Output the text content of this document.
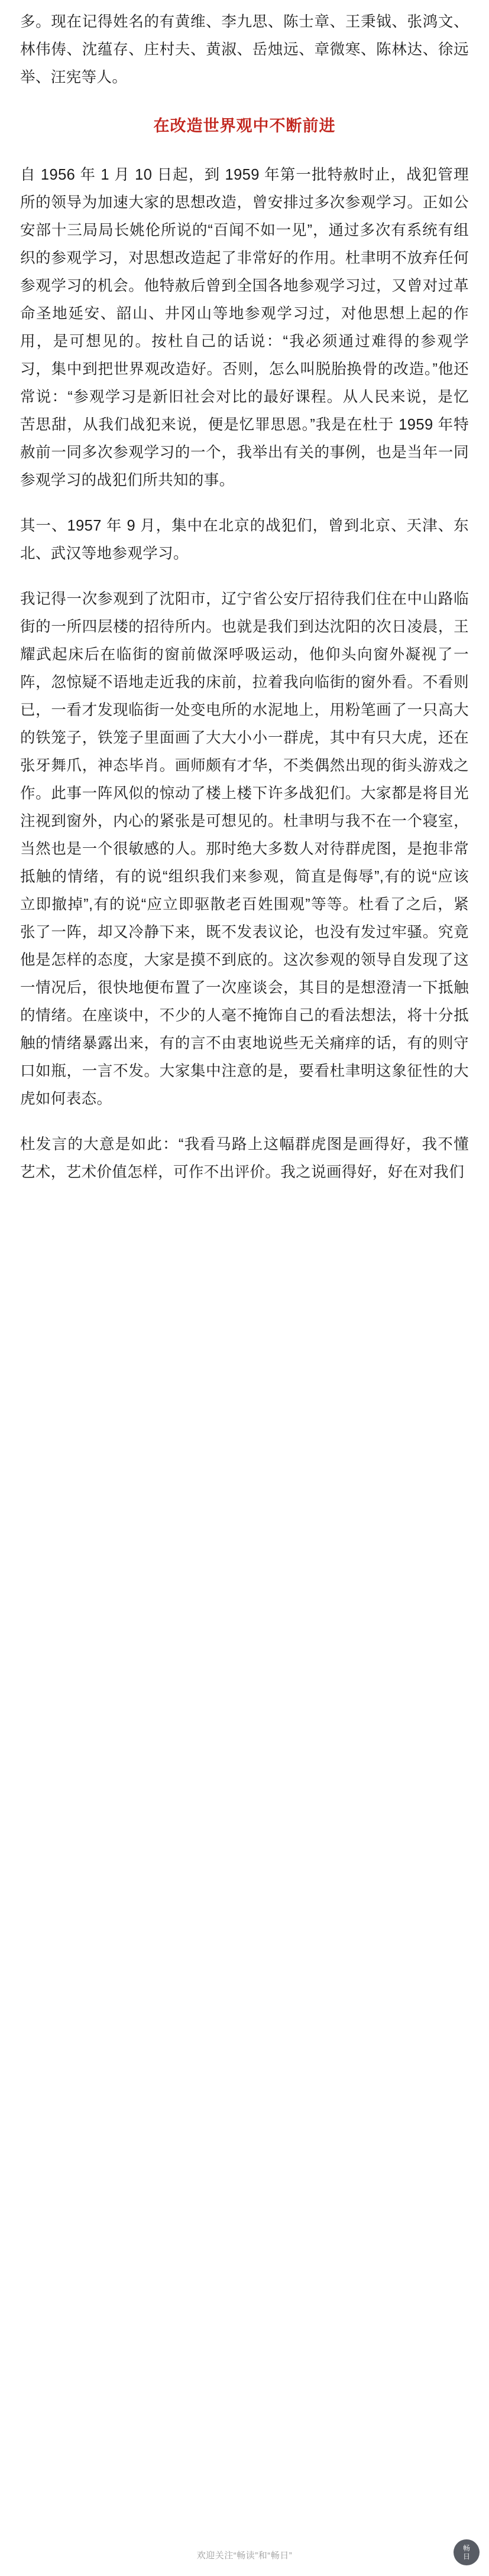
多。现在记得姓名的有黄维、李九思、陈士章、王秉钺、张鸿文、林伟俦、沈蕴存、庄村夫、黄淑、岳烛远、章微寒、陈林达、徐远举、汪宪等人。

在改造世界观中不断前进

自 1956 年 1 月 10 日起，到 1959 年第一批特赦时止，战犯管理所的领导为加速大家的思想改造，曾安排过多次参观学习。正如公安部十三局局长姚伦所说的“百闻不如一见”，通过多次有系统有组织的参观学习，对思想改造起了非常好的作用。杜聿明不放弃任何参观学习的机会。他特赦后曾到全国各地参观学习过，又曾对过革命圣地延安、韶山、井冈山等地参观学习过，对他思想上起的作用，是可想见的。按杜自己的话说：“我必须通过难得的参观学习，集中到把世界观改造好。否则，怎么叫脱胎换骨的改造。”他还常说：“参观学习是新旧社会对比的最好课程。从人民来说，是忆苦思甜，从我们战犯来说，便是忆罪思恩。”我是在杜于 1959 年特赦前一同多次参观学习的一个，我举出有关的事例，也是当年一同参观学习的战犯们所共知的事。

其一、1957 年 9 月，集中在北京的战犯们，曾到北京、天津、东北、武汉等地参观学习。

我记得一次参观到了沈阳市，辽宁省公安厅招待我们住在中山路临街的一所四层楼的招待所内。也就是我们到达沈阳的次日凌晨，王耀武起床后在临街的窗前做深呼吸运动，他仰头向窗外凝视了一阵，忽惊疑不语地走近我的床前，拉着我向临街的窗外看。不看则已，一看才发现临街一处变电所的水泥地上，用粉笔画了一只高大的铁笼子，铁笼子里面画了大大小小一群虎，其中有只大虎，还在张牙舞爪，神态毕肖。画师颇有才华，不类偶然出现的街头游戏之作。此事一阵风似的惊动了楼上楼下许多战犯们。大家都是将目光注视到窗外，内心的紧张是可想见的。杜聿明与我不在一个寝室，当然也是一个很敏感的人。那时绝大多数人对待群虎图，是抱非常抵触的情绪，有的说“组织我们来参观，简直是侮辱”,有的说“应该立即撤掉”,有的说“应立即驱散老百姓围观”等等。杜看了之后，紧张了一阵，却又冷静下来，既不发表议论，也没有发过牢骚。究竟他是怎样的态度，大家是摸不到底的。这次参观的领导自发现了这一情况后，很快地便布置了一次座谈会，其目的是想澄清一下抵触的情绪。在座谈中，不少的人毫不掩饰自己的看法想法，将十分抵触的情绪暴露出来，有的言不由衷地说些无关痛痒的话，有的则守口如瓶，一言不发。大家集中注意的是，要看杜聿明这象征性的大虎如何表态。

杜发言的大意是如此：“我看马路上这幅群虎图是画得好，我不懂艺术，艺术价值怎样，可作不出评价。我之说画得好，好在对我们

欢迎关注“畅读”和“畅日”
畅
日
